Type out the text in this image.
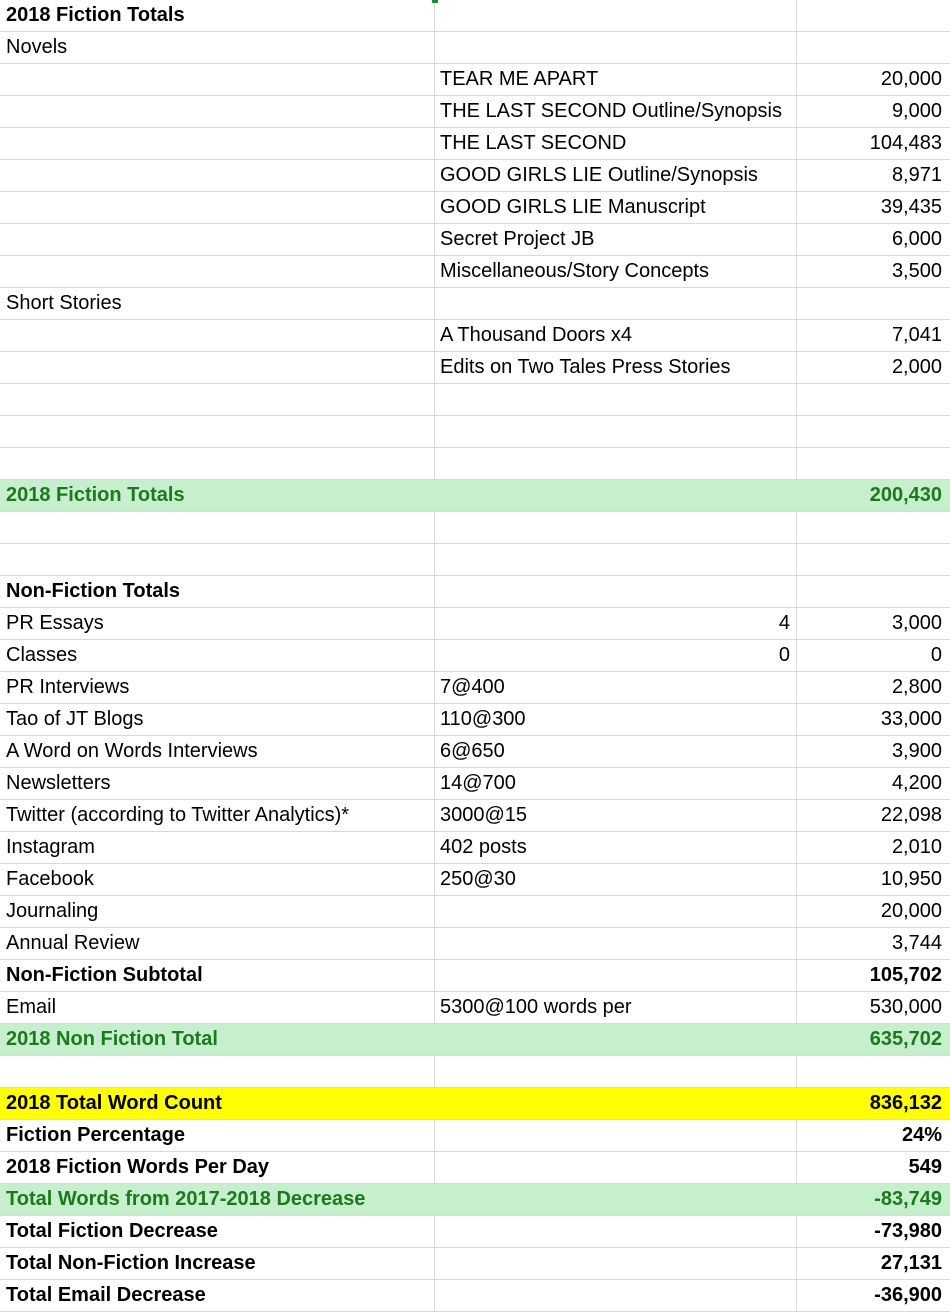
2018 Fiction Totals
Novels
TEAR ME APART	20,000
THE LAST SECOND Outline/Synopsis	9,000
THE LAST SECOND	104,483
GOOD GIRLS LIE Outline/Synopsis	8,971
GOOD GIRLS LIE Manuscript	39,435
Secret Project JB	6,000
Miscellaneous/Story Concepts	3,500
Short Stories
A Thousand Doors x4	7,041
Edits on Two Tales Press Stories	2,000
2018 Fiction Totals	200,430
Non-Fiction Totals
PR Essays	4	3,000
Classes	0	0
PR Interviews	7@400	2,800
Tao of JT Blogs	110@300	33,000
A Word on Words Interviews	6@650	3,900
Newsletters	14@700	4,200
Twitter (according to Twitter Analytics)*	3000@15	22,098
Instagram	402 posts	2,010
Facebook	250@30	10,950
Journaling	20,000
Annual Review	3,744
Non-Fiction Subtotal	105,702
Email	5300@100 words per	530,000
2018 Non Fiction Total	635,702
2018 Total Word Count	836,132
Fiction Percentage	24%
2018 Fiction Words Per Day	549
Total Words from 2017-2018 Decrease	-83,749
Total Fiction Decrease	-73,980
Total Non-Fiction Increase	27,131
Total Email Decrease	-36,900
